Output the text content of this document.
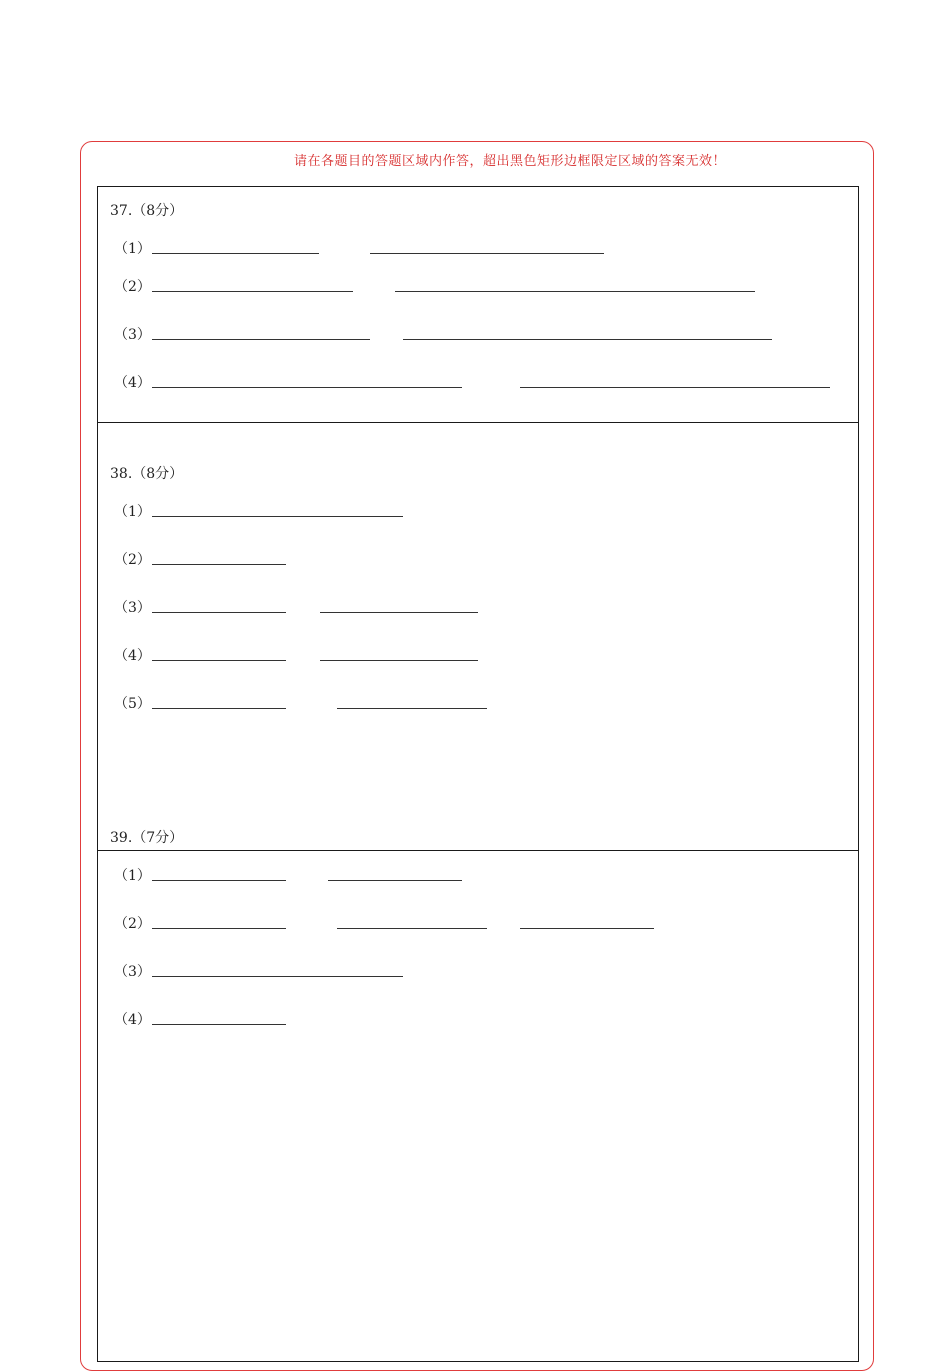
请在各题目的答题区域内作答，超出黑色矩形边框限定区域的答案无效！
37.（8分）
（1）
（2）
（3）
（4）
38.（8分）
（1）
（2）
（3）
（4）
（5）
39.（7分）
（1）
（2）
（3）
（4）
